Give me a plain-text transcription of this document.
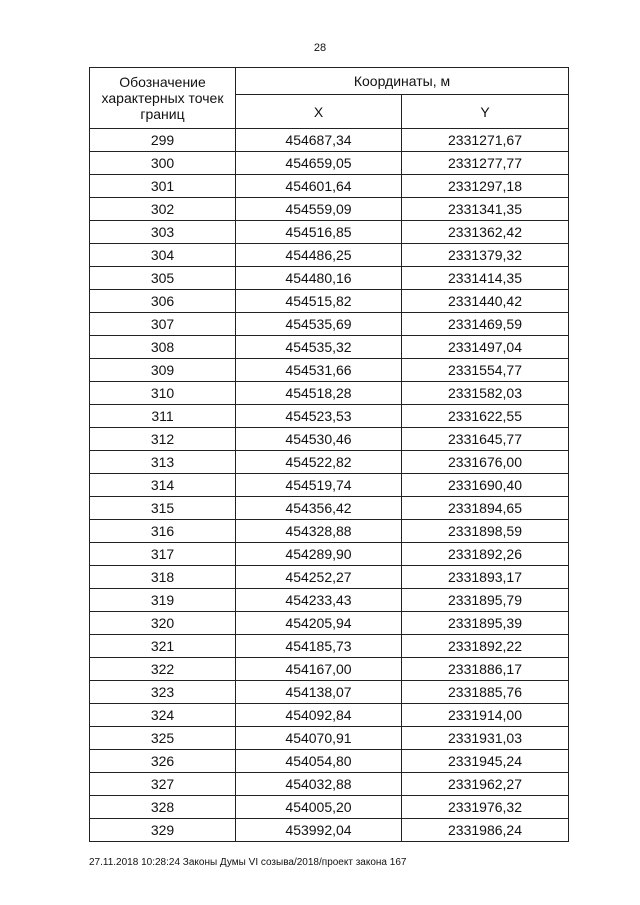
28
Обозначение характерных точек границ	Координаты, м	
	X	Y
299	454687,34	2331271,67
300	454659,05	2331277,77
301	454601,64	2331297,18
302	454559,09	2331341,35
303	454516,85	2331362,42
304	454486,25	2331379,32
305	454480,16	2331414,35
306	454515,82	2331440,42
307	454535,69	2331469,59
308	454535,32	2331497,04
309	454531,66	2331554,77
310	454518,28	2331582,03
311	454523,53	2331622,55
312	454530,46	2331645,77
313	454522,82	2331676,00
314	454519,74	2331690,40
315	454356,42	2331894,65
316	454328,88	2331898,59
317	454289,90	2331892,26
318	454252,27	2331893,17
319	454233,43	2331895,79
320	454205,94	2331895,39
321	454185,73	2331892,22
322	454167,00	2331886,17
323	454138,07	2331885,76
324	454092,84	2331914,00
325	454070,91	2331931,03
326	454054,80	2331945,24
327	454032,88	2331962,27
328	454005,20	2331976,32
329	453992,04	2331986,24
27.11.2018 10:28:24 Законы Думы VI созыва/2018/проект закона 167
